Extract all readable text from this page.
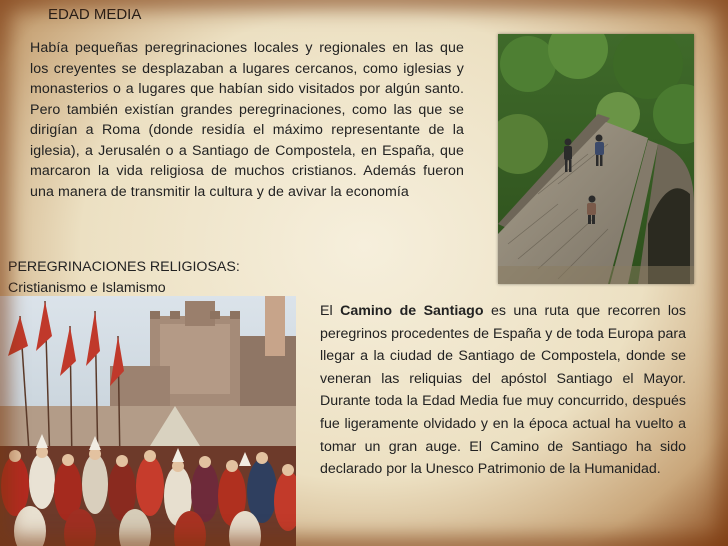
EDAD MEDIA
Había pequeñas peregrinaciones locales y regionales en las que los creyentes se desplazaban a lugares cercanos, como iglesias y monasterios o a lugares que habían sido visitados por algún santo. Pero también existían grandes peregrinaciones, como las que se dirigían a Roma (donde residía el máximo representante de la iglesia), a Jerusalén o a Santiago de Compostela, en España, que marcaron la vida religiosa de muchos cristianos. Además fueron una manera de transmitir la cultura y de avivar la economía
PEREGRINACIONES RELIGIOSAS:
Cristianismo e Islamismo
El Camino de Santiago es una ruta que recorren los peregrinos procedentes de España y de toda Europa para llegar a la ciudad de Santiago de Compostela, donde se veneran las reliquias del apóstol Santiago el Mayor. Durante toda la Edad Media fue muy concurrido, después fue ligeramente olvidado y en la época actual ha vuelto a tomar un gran auge. El Camino de Santiago ha sido declarado por la Unesco Patrimonio de la Humanidad.
